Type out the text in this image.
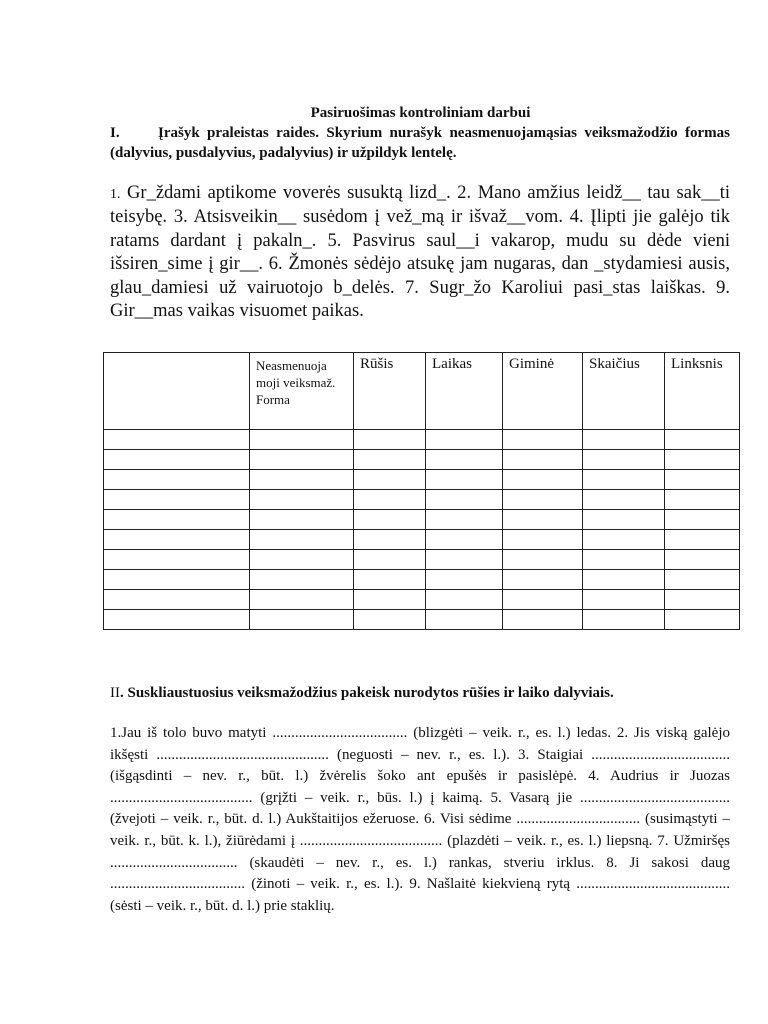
Pasiruošimas kontroliniam darbui
I.	Įrašyk praleistas raides. Skyrium nurašyk neasmenuojamąsias veiksmažodžio formas (dalyvius, pusdalyvius, padalyvius) ir užpildyk lentelę.
1. Gr_ždami aptikome voverės susuktą lizd_. 2. Mano amžius leidž__ tau sak__ti teisybę. 3. Atsisveikin__ susėdom į vež_mą ir išvaž__vom. 4. Įlipti jie galėjo tik ratams dardant į pakaln_. 5. Pasvirus saul__i vakarop, mudu su dėde vieni išsiren_sime į gir__. 6. Žmonės sėdėjo atsukę jam nugaras, dan _stydamiesi ausis, glau_damiesi už vairuotojo b_delės. 7. Sugr_žo Karoliui pasi_stas laiškas. 9. Gir__mas vaikas visuomet paikas.
	Neasmenuoja moji veiksmaž. Forma	Rūšis	Laikas	Giminė	Skaičius	Linksnis

II. Suskliaustuosius veiksmažodžius pakeisk nurodytos rūšies ir laiko dalyviais.
1.Jau iš tolo buvo matyti .................................... (blizgėti – veik. r., es. l.) ledas. 2. Jis viską galėjo ikšęsti .............................................. (neguosti – nev. r., es. l.). 3. Staigiai ..................................... (išgąsdinti – nev. r., būt. l.) žvėrelis šoko ant epušės ir pasislėpė. 4. Audrius ir Juozas ...................................... (grįžti – veik. r., būs. l.) į kaimą. 5. Vasarą jie ........................................ (žvejoti – veik. r., būt. d. l.) Aukštaitijos ežeruose. 6. Visi sėdime ................................. (susimąstyti – veik. r., būt. k. l.), žiūrėdami į ...................................... (plazdėti – veik. r., es. l.) liepsną. 7. Užmiršęs .................................. (skaudėti – nev. r., es. l.) rankas, stveriu irklus. 8. Ji sakosi daug .................................... (žinoti – veik. r., es. l.). 9. Našlaitė kiekvieną rytą ......................................... (sėsti – veik. r., būt. d. l.) prie staklių.
